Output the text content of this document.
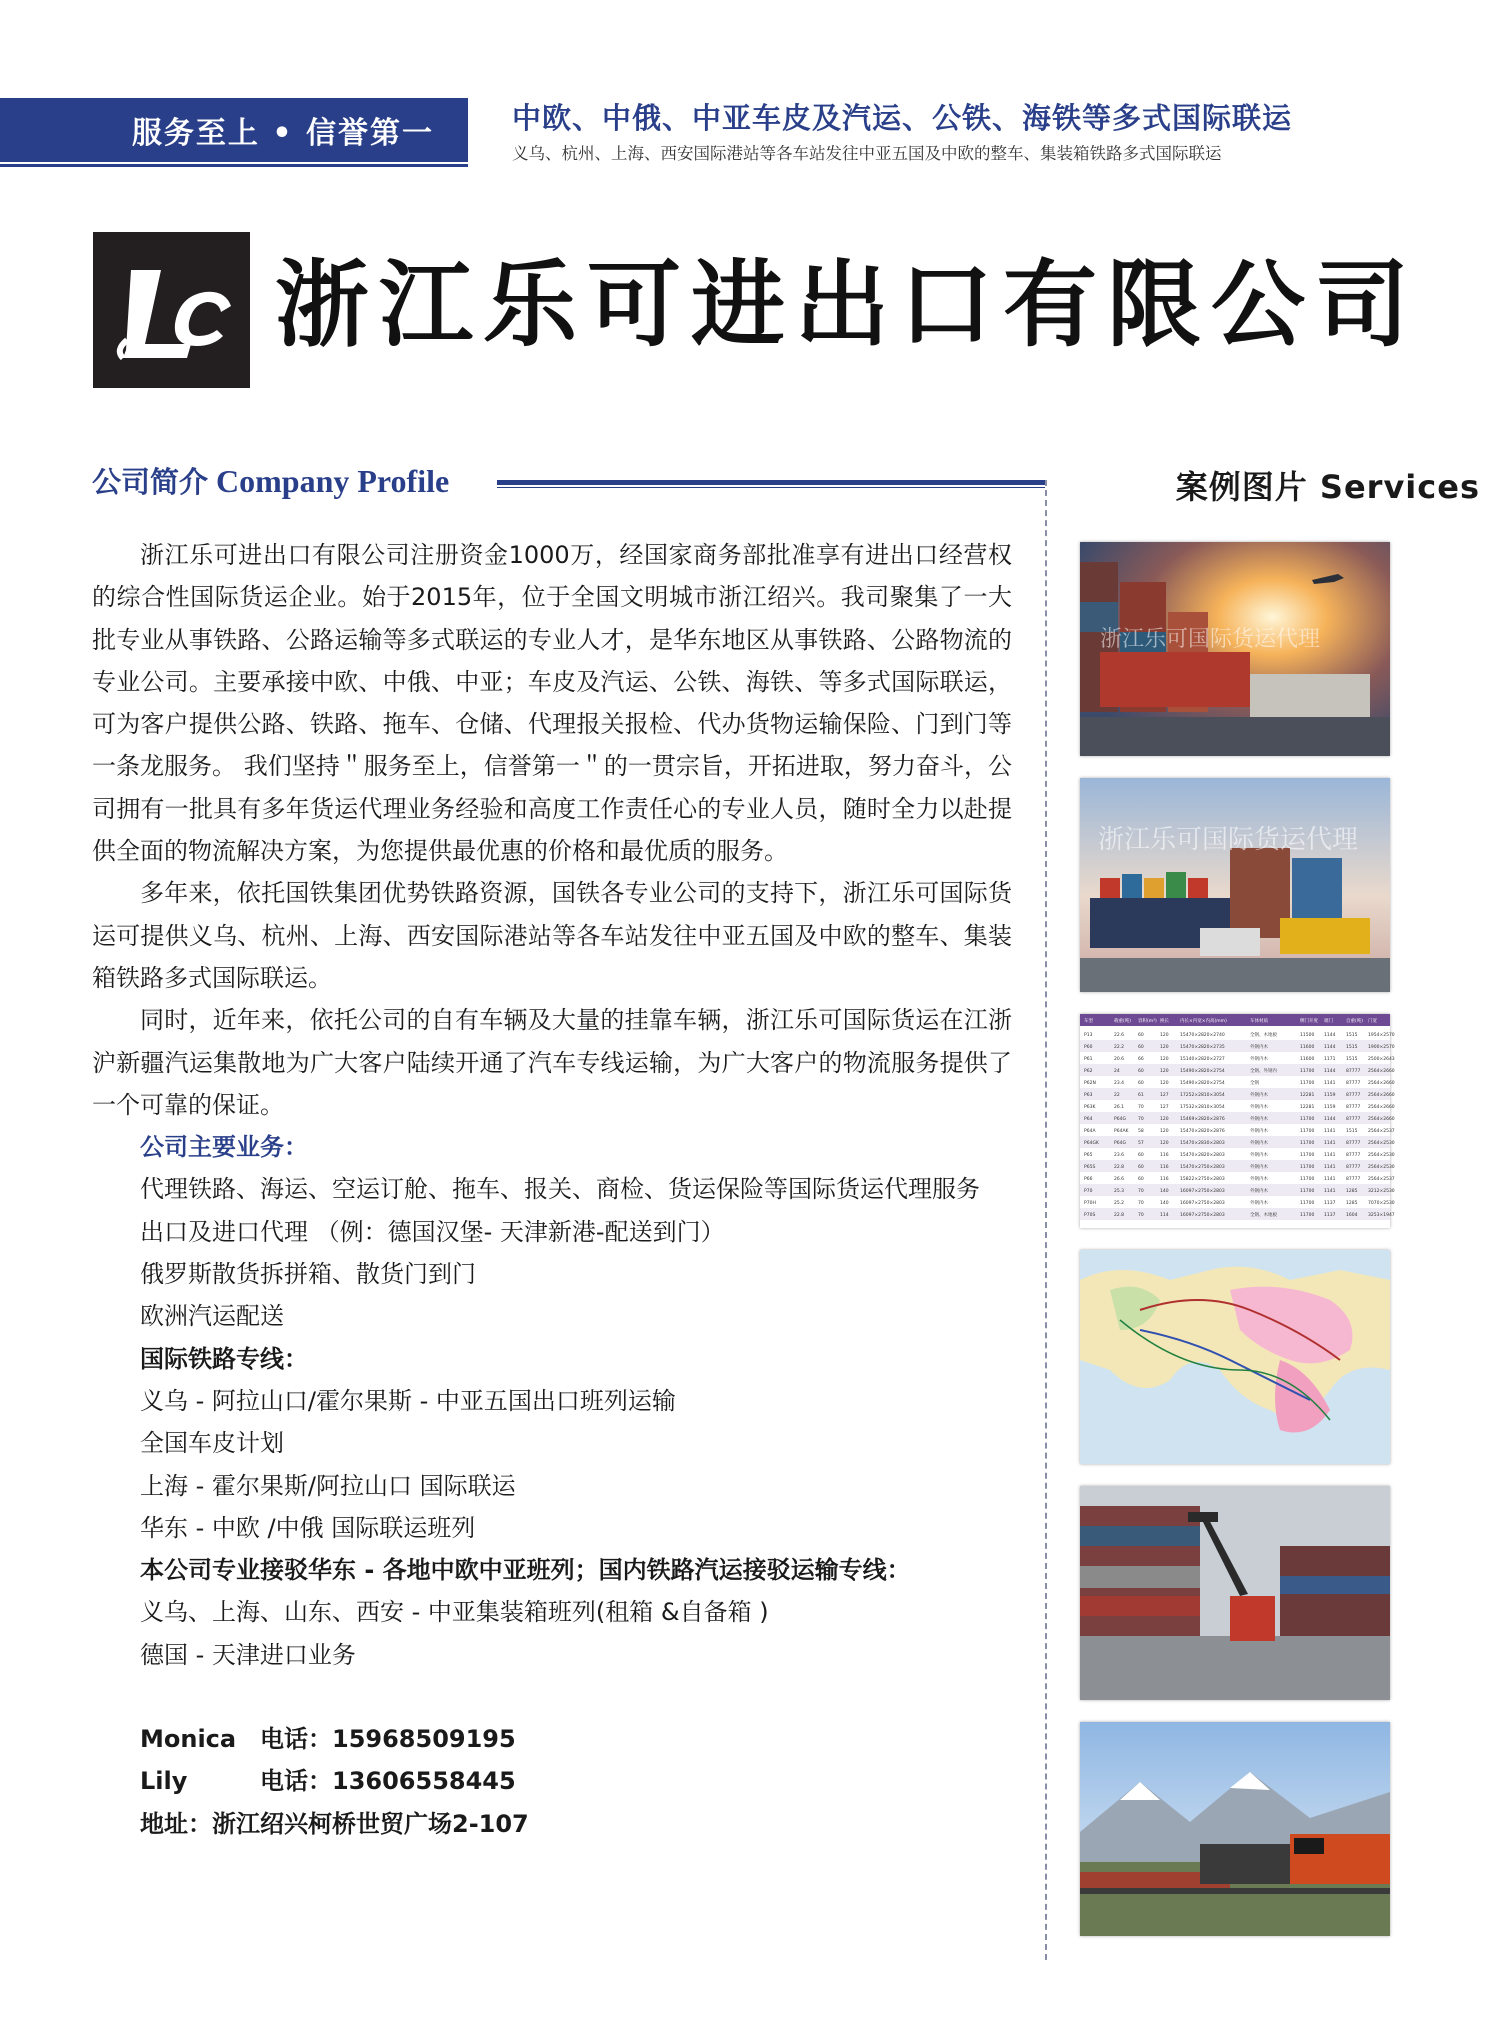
服务至上 • 信誉第一	中欧、中俄、中亚车皮及汽运、公铁、海铁等多式国际联运
义乌、杭州、上海、西安国际港站等各车站发往中亚五国及中欧的整车、集装箱铁路多式国际联运
浙江乐可进出口有限公司
公司简介 Company Profile	案例图片 Services

浙江乐可进出口有限公司注册资金1000万，经国家商务部批准享有进出口经营权的综合性国际货运企业。始于2015年，位于全国文明城市浙江绍兴。我司聚集了一大批专业从事铁路、公路运输等多式联运的专业人才，是华东地区从事铁路、公路物流的专业公司。主要承接中欧、中俄、中亚；车皮及汽运、公铁、海铁、等多式国际联运，可为客户提供公路、铁路、拖车、仓储、代理报关报检、代办货物运输保险、门到门等一条龙服务。 我们坚持＂服务至上，信誉第一＂的一贯宗旨，开拓进取，努力奋斗，公司拥有一批具有多年货运代理业务经验和高度工作责任心的专业人员，随时全力以赴提供全面的物流解决方案，为您提供最优惠的价格和最优质的服务。

多年来，依托国铁集团优势铁路资源，国铁各专业公司的支持下，浙江乐可国际货运可提供义乌、杭州、上海、西安国际港站等各车站发往中亚五国及中欧的整车、集装箱铁路多式国际联运。

同时，近年来，依托公司的自有车辆及大量的挂靠车辆，浙江乐可国际货运在江浙沪新疆汽运集散地为广大客户陆续开通了汽车专线运输，为广大客户的物流服务提供了一个可靠的保证。

公司主要业务：
代理铁路、海运、空运订舱、拖车、报关、商检、货运保险等国际货运代理服务
出口及进口代理 （例：德国汉堡- 天津新港-配送到门）
俄罗斯散货拆拼箱、散货门到门
欧洲汽运配送
国际铁路专线：
义乌 - 阿拉山口/霍尔果斯 - 中亚五国出口班列运输
全国车皮计划
上海 - 霍尔果斯/阿拉山口 国际联运
华东 - 中欧 /中俄 国际联运班列
本公司专业接驳华东 - 各地中欧中亚班列；国内铁路汽运接驳运输专线：
义乌、上海、山东、西安 - 中亚集装箱班列(租箱 &自备箱 )
德国 - 天津进口业务
Monica 电话：15968509195
Lily	电话：13606558445
地址：浙江绍兴柯桥世贸广场2-107
浙江乐可国际货运代理
浙江乐可国际货运代理
车型	载重(吨) 容积(m³) 换长 内长×内宽×内高(mm)	车体材质	侧门开度 端门	自重(吨) 门宽
P13	22.6	60	120	15470×2820×2740	全钢、木地板	11500 1144 1515 1954×2570
P60	22.2	60	120	15470×2820×2735	外钢内木	11600 1144 1515 1900×2570
P61	20.6	66	120	15140×2820×2727	外钢内木	11600 1171 1515 2500×2643
P62	24	60	120	15490×2820×2754	全钢、外钢内	11700 1144 87777 2564×2660
P62N	23.4	60	120	15490×2820×2754	全钢	11700 1141 87777 2564×2660
P63	22	61	127	17252×2810×3054	外钢内木	12281 1159 87777 2564×2660
P63K	26.1	70	127	17532×2810×3054	外钢内木	12281 1159 87777 2564×2660
P64	P64G	70	120	15469×2820×2876	外钢内木	11700 1144 87777 2564×2660
P64A	P64AK 58	120	15470×2820×2876	外钢内木	11700 1141 1515 2564×2537
P64GK	P64G	57	120	15470×2830×2803	外钢内木	11700 1141 87777 2564×2530
P65	23.6	60	116	15470×2820×2803	外钢内木	11700 1141 87777 2564×2530
P65S	22.8	60	116	15470×2750×2803	外钢内木	11700 1141 87777 2564×2530
P66	26.6	60	116	15822×2750×2803	外钢内木	11700 1141 87777 2564×2537
P70	25.3	70	140	16097×2750×2803	外钢内木	11700 1141 1285 3212×2530
P70H	25.2	70	140	16097×2750×2803	外钢内木	11700 1137 1285 7070×2530
P70S	22.8	70	114	16097×2750×2803	全钢、木地板	11700 1137 1604 3253×1947
